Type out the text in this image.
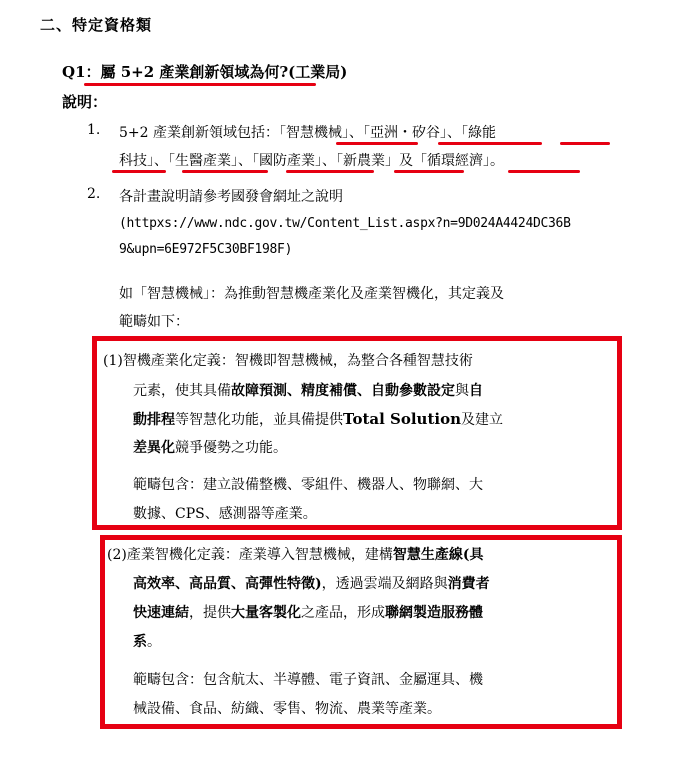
二、特定資格類
Q1：屬 5+2 產業創新領域為何?(工業局)
說明：
1. 5+2 產業創新領域包括：「智慧機械」、「亞洲・矽谷」、「綠能
科技」、「生醫產業」、「國防產業」、「新農業」及「循環經濟」。
2. 各計畫說明請參考國發會網址之說明
(httpxs://www.ndc.gov.tw/Content_List.aspx?n=9D024A4424DC36B
9&upn=6E972F5C30BF198F)
如「智慧機械」：為推動智慧機產業化及產業智機化，其定義及
範疇如下：
(1)智機產業化定義：智機即智慧機械，為整合各種智慧技術
元素，使其具備故障預測、精度補償、自動參數設定與自
動排程等智慧化功能，並具備提供Total Solution及建立
差異化競爭優勢之功能。
範疇包含：建立設備整機、零組件、機器人、物聯網、大
數據、CPS、感測器等產業。
(2)產業智機化定義：產業導入智慧機械，建構智慧生產線(具
高效率、高品質、高彈性特徵)，透過雲端及網路與消費者
快速連結，提供大量客製化之產品，形成聯網製造服務體
系。
範疇包含：包含航太、半導體、電子資訊、金屬運具、機
械設備、食品、紡織、零售、物流、農業等產業。
